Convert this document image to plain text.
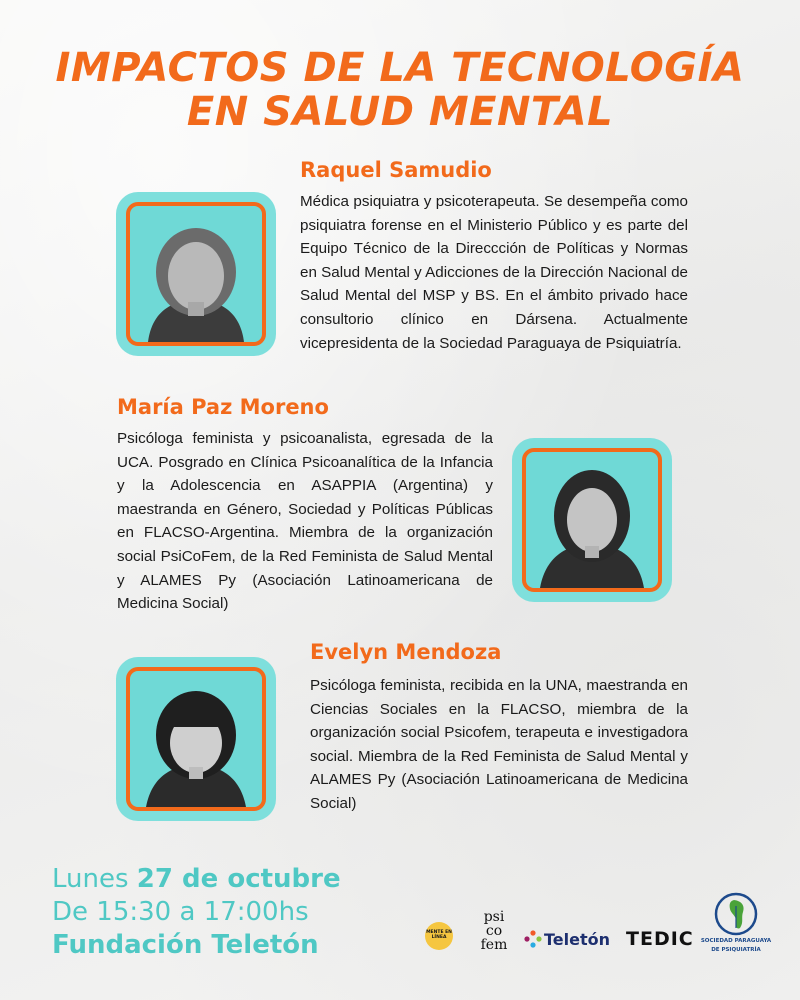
IMPACTOS DE LA TECNOLOGÍA
EN SALUD MENTAL
Raquel Samudio

Médica psiquiatra y psicoterapeuta. Se desempeña como psiquiatra forense en el Ministerio Público y es parte del Equipo Técnico de la Direccción de Políticas y Normas en Salud Mental y Adicciones de la Dirección Nacional de Salud Mental del MSP y BS. En el ámbito privado hace consultorio clínico en Dársena. Actualmente vicepresidenta de la Sociedad Paraguaya de Psiquiatría.

María Paz Moreno

Psicóloga feminista y psicoanalista, egresada de la UCA. Posgrado en Clínica Psicoanalítica de la Infancia y la Adolescencia en ASAPPIA (Argentina) y maestranda en Género, Sociedad y Políticas Públicas en FLACSO-Argentina. Miembra de la organización social PsiCoFem, de la Red Feminista de Salud Mental y ALAMES Py (Asociación Latinoamericana de Medicina Social)

Evelyn Mendoza

Psicóloga feminista, recibida en la UNA, maestranda en Ciencias Sociales en la FLACSO, miembra de la organización social Psicofem, terapeuta e investigadora social. Miembra de la Red Feminista de Salud Mental y ALAMES Py (Asociación Latinoamericana de Medicina Social)

Lunes 27 de octubre
De 15:30 a 17:00hs
Fundación Teletón	MENTE EN LÍNEA
psi
co
fem	Teletón TEDIC SOCIEDAD PARAGUAYA
DE PSIQUIATRÍA
